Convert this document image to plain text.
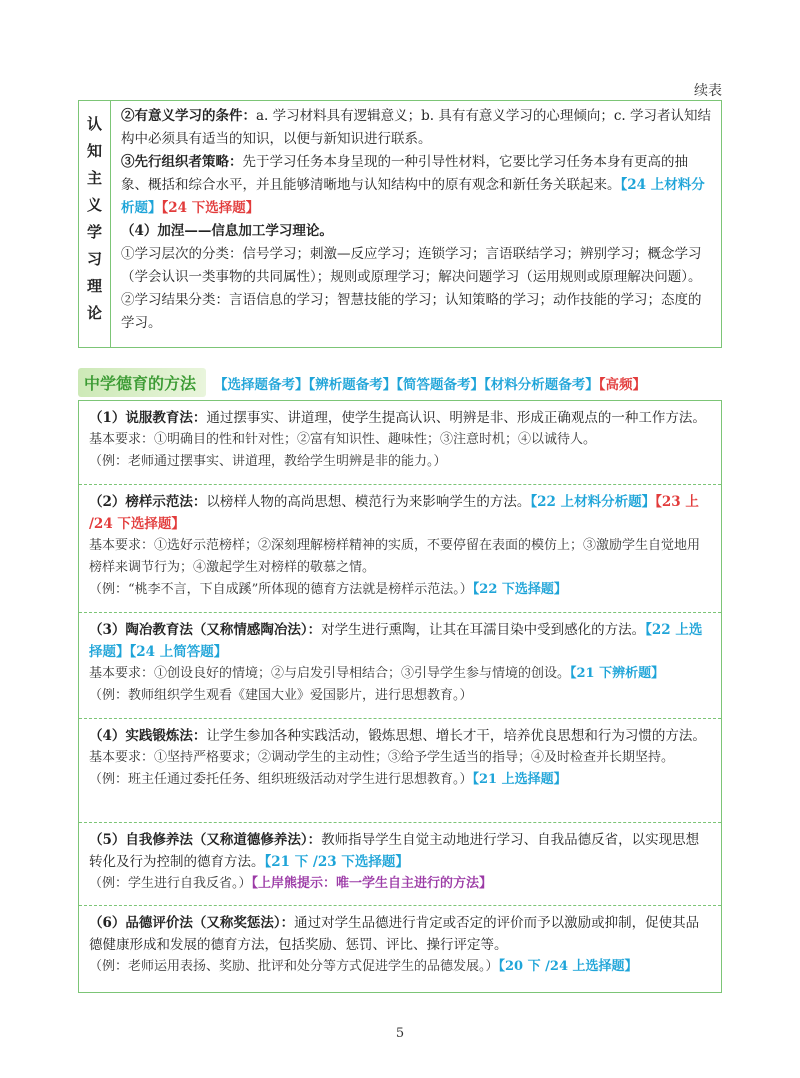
续表
认知主义学习理论 ②有意义学习的条件：a. 学习材料具有逻辑意义；b. 具有有意义学习的心理倾向；c. 学习者认知结构中必须具有适当的知识，以便与新知识进行联系。

③先行组织者策略：先于学习任务本身呈现的一种引导性材料，它要比学习任务本身有更高的抽象、概括和综合水平，并且能够清晰地与认知结构中的原有观念和新任务关联起来。【24 上材料分析题】【24 下选择题】

（4）加涅——信息加工学习理论。

①学习层次的分类：信号学习；刺激—反应学习；连锁学习；言语联结学习；辨别学习；概念学习（学会认识一类事物的共同属性）；规则或原理学习；解决问题学习（运用规则或原理解决问题）。

②学习结果分类：言语信息的学习；智慧技能的学习；认知策略的学习；动作技能的学习；态度的学习。

中学德育的方法	【选择题备考】【辨析题备考】【简答题备考】【材料分析题备考】【高频】

（1）说服教育法：通过摆事实、讲道理，使学生提高认识、明辨是非、形成正确观点的一种工作方法。

基本要求：①明确目的性和针对性；②富有知识性、趣味性；③注意时机；④以诚待人。

（例：老师通过摆事实、讲道理，教给学生明辨是非的能力。）

（2）榜样示范法：以榜样人物的高尚思想、模范行为来影响学生的方法。【22 上材料分析题】【23 上 /24 下选择题】

基本要求：①选好示范榜样；②深刻理解榜样精神的实质，不要停留在表面的模仿上；③激励学生自觉地用榜样来调节行为；④激起学生对榜样的敬慕之情。

（例：“桃李不言，下自成蹊”所体现的德育方法就是榜样示范法。）【22 下选择题】

（3）陶冶教育法（又称情感陶冶法）：对学生进行熏陶，让其在耳濡目染中受到感化的方法。【22 上选择题】【24 上简答题】

基本要求：①创设良好的情境；②与启发引导相结合；③引导学生参与情境的创设。【21 下辨析题】

（例：教师组织学生观看《建国大业》爱国影片，进行思想教育。）

（4）实践锻炼法：让学生参加各种实践活动，锻炼思想、增长才干，培养优良思想和行为习惯的方法。

基本要求：①坚持严格要求；②调动学生的主动性；③给予学生适当的指导；④及时检查并长期坚持。

（例：班主任通过委托任务、组织班级活动对学生进行思想教育。）【21 上选择题】

（5）自我修养法（又称道德修养法）：教师指导学生自觉主动地进行学习、自我品德反省，以实现思想转化及行为控制的德育方法。【21 下 /23 下选择题】

（例：学生进行自我反省。）【上岸熊提示：唯一学生自主进行的方法】

（6）品德评价法（又称奖惩法）：通过对学生品德进行肯定或否定的评价而予以激励或抑制，促使其品德健康形成和发展的德育方法，包括奖励、惩罚、评比、操行评定等。

（例：老师运用表扬、奖励、批评和处分等方式促进学生的品德发展。）【20 下 /24 上选择题】

5
